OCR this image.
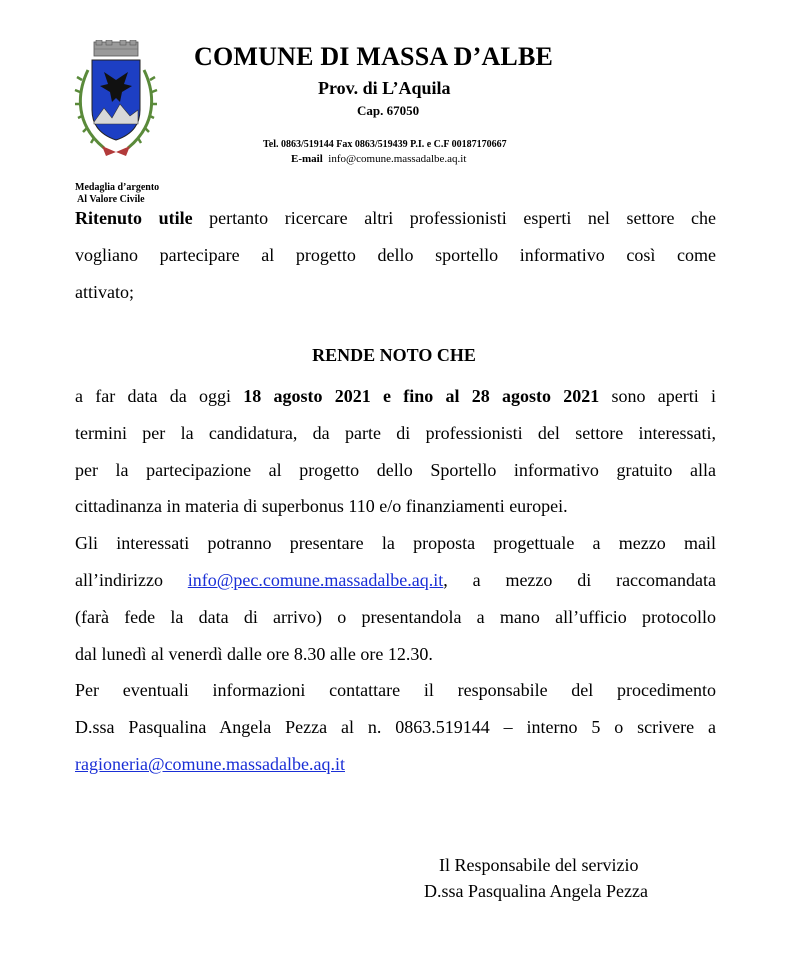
COMUNE DI MASSA D’ALBE
Prov. di L’Aquila
Cap. 67050
Tel. 0863/519144 Fax 0863/519439 P.I. e C.F 00187170667
E-mail info@comune.massadalbe.aq.it
Medaglia d’argento
Al Valore Civile
Ritenuto utile pertanto ricercare altri professionisti esperti nel settore che
vogliano partecipare al progetto dello sportello informativo così come
attivato;
RENDE NOTO CHE
a far data da oggi 18 agosto 2021 e fino al 28 agosto 2021 sono aperti i
termini per la candidatura, da parte di professionisti del settore interessati,
per la partecipazione al progetto dello Sportello informativo gratuito alla
cittadinanza in materia di superbonus 110 e/o finanziamenti europei.
Gli interessati potranno presentare la proposta progettuale a mezzo mail
all’indirizzo info@pec.comune.massadalbe.aq.it, a mezzo di raccomandata
(farà fede la data di arrivo) o presentandola a mano all’ufficio protocollo
dal lunedì al venerdì dalle ore 8.30 alle ore 12.30.
Per eventuali informazioni contattare il responsabile del procedimento
D.ssa Pasqualina Angela Pezza al n. 0863.519144 – interno 5 o scrivere a
ragioneria@comune.massadalbe.aq.it
Il Responsabile del servizio
D.ssa Pasqualina Angela Pezza
